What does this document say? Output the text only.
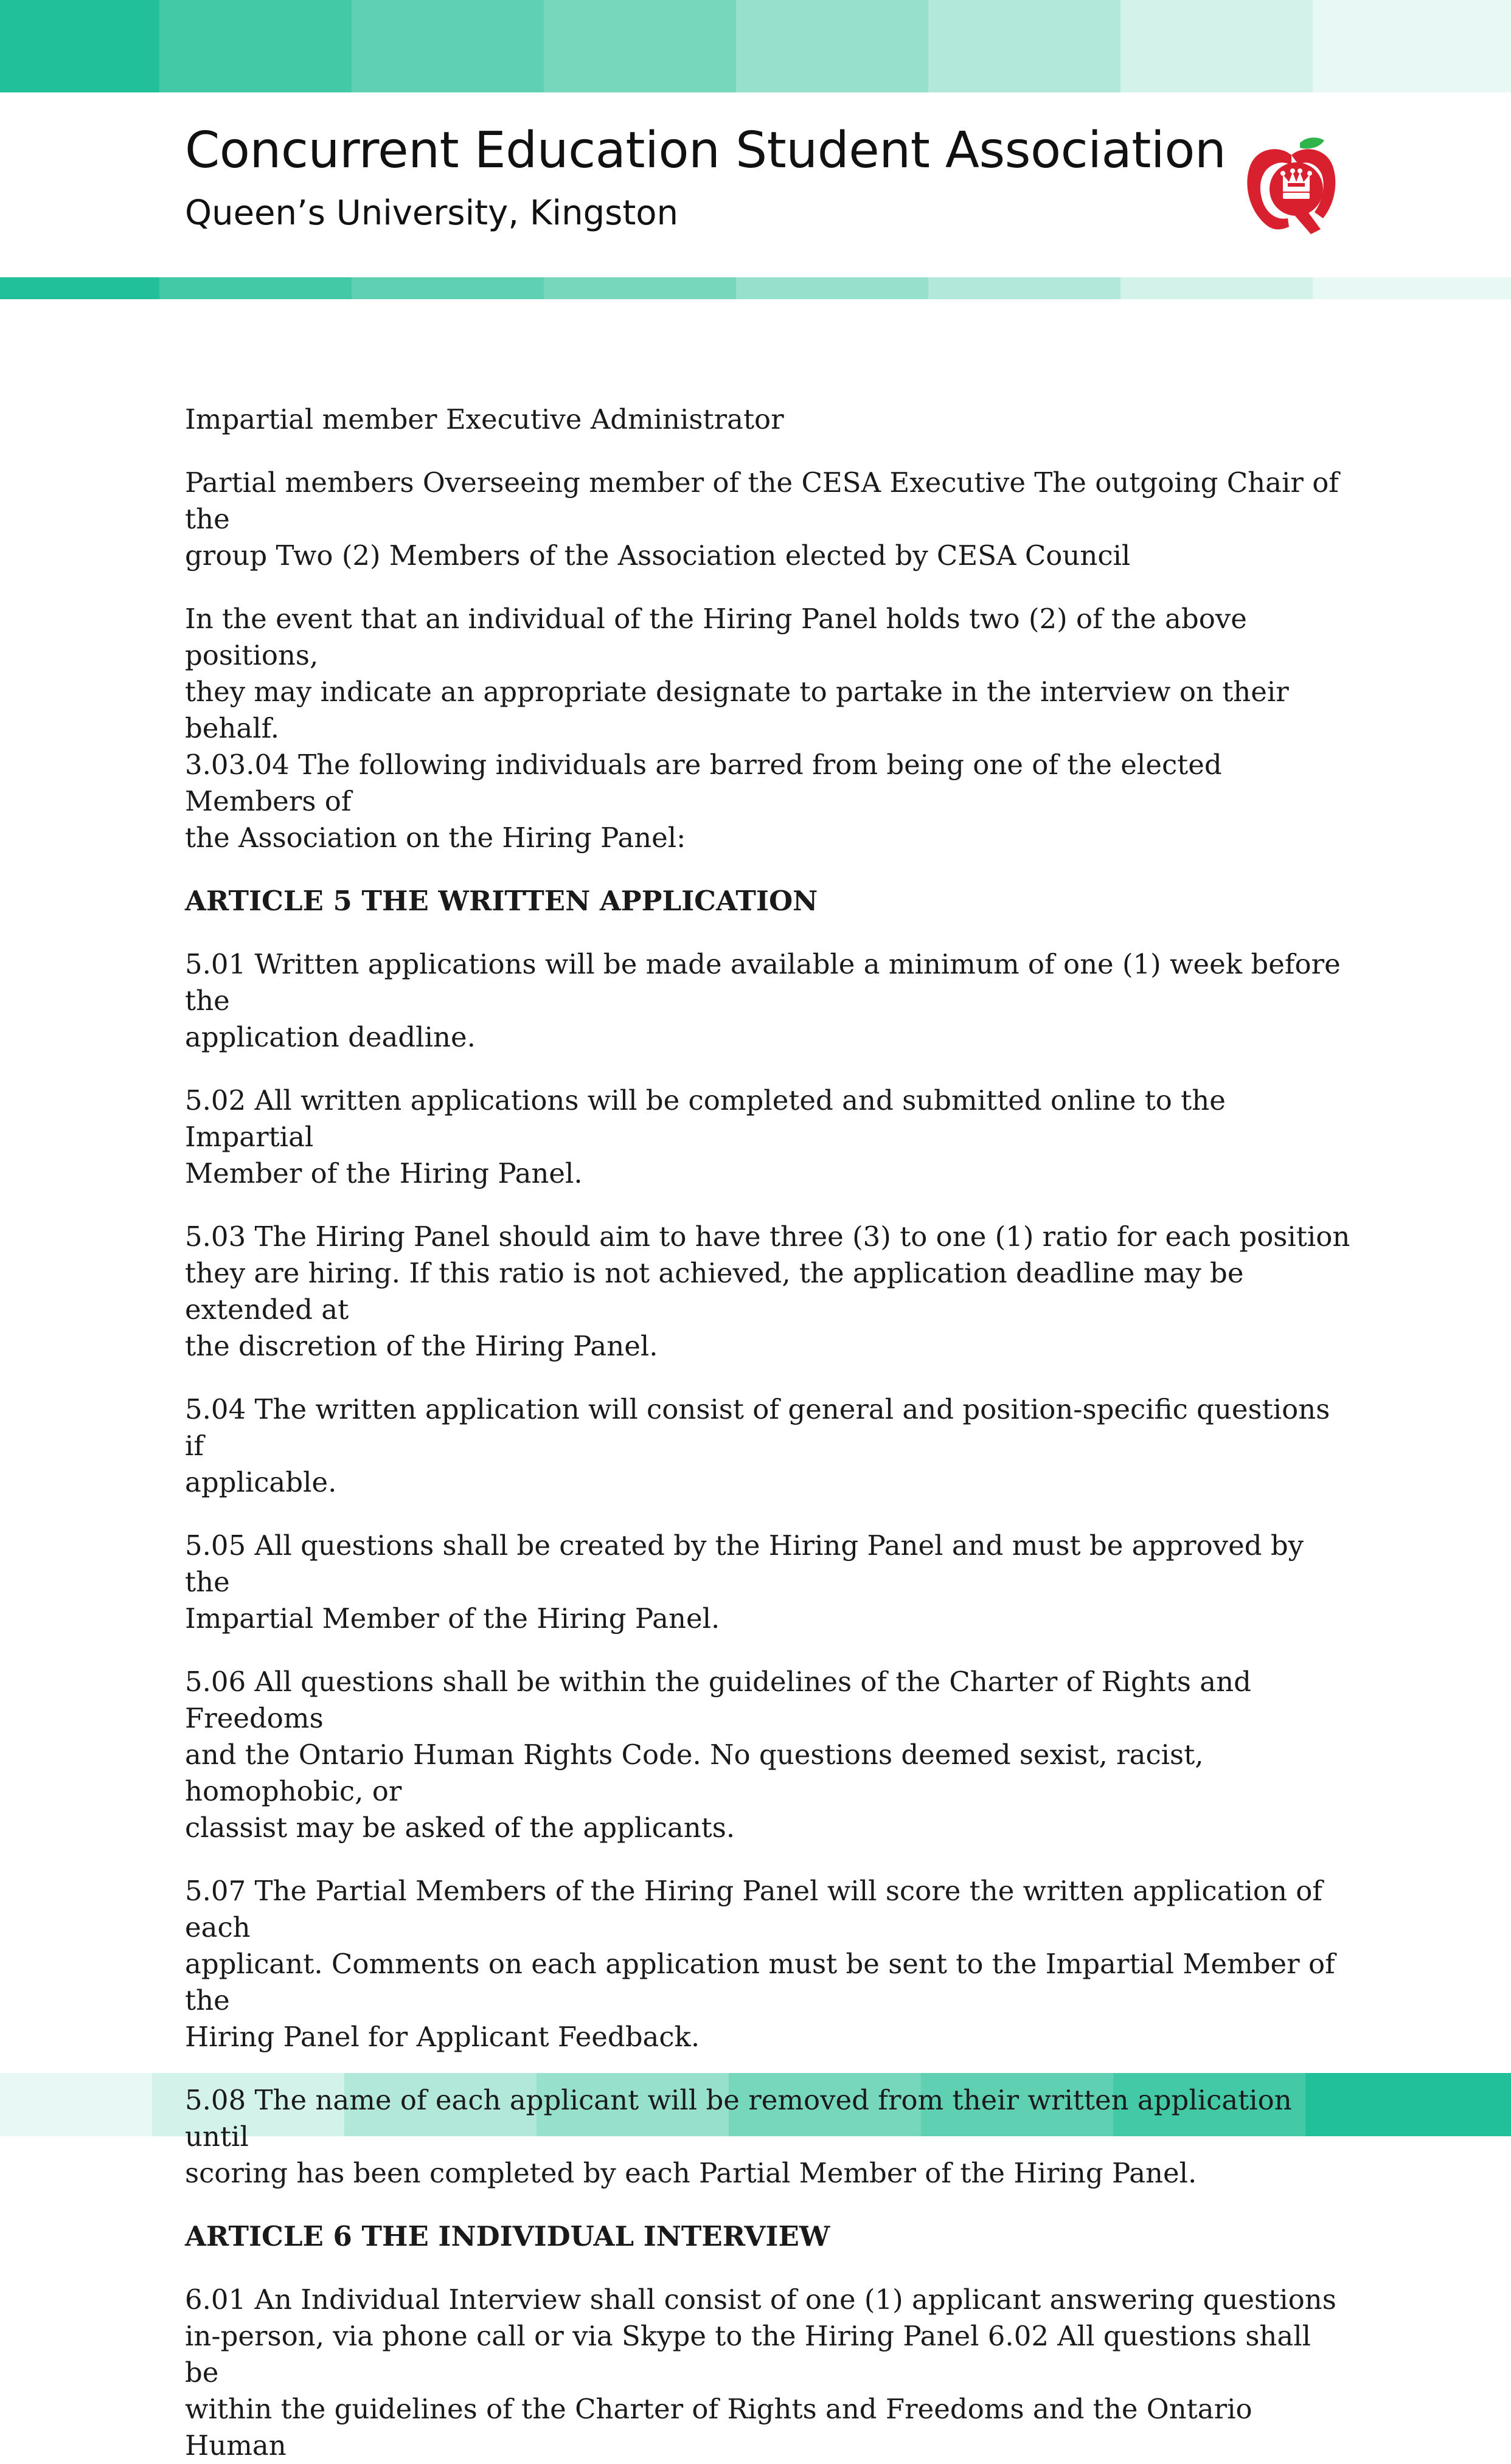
Concurrent Education Student Association
Queen’s University, Kingston

Impartial member Executive Administrator

Partial members Overseeing member of the CESA Executive The outgoing Chair of the
group Two (2) Members of the Association elected by CESA Council

In the event that an individual of the Hiring Panel holds two (2) of the above positions,
they may indicate an appropriate designate to partake in the interview on their behalf.
3.03.04 The following individuals are barred from being one of the elected Members of
the Association on the Hiring Panel:

ARTICLE 5 THE WRITTEN APPLICATION

5.01 Written applications will be made available a minimum of one (1) week before the
application deadline.

5.02 All written applications will be completed and submitted online to the Impartial
Member of the Hiring Panel.

5.03 The Hiring Panel should aim to have three (3) to one (1) ratio for each position
they are hiring. If this ratio is not achieved, the application deadline may be extended at
the discretion of the Hiring Panel.

5.04 The written application will consist of general and position-specific questions if
applicable.

5.05 All questions shall be created by the Hiring Panel and must be approved by the
Impartial Member of the Hiring Panel.

5.06 All questions shall be within the guidelines of the Charter of Rights and Freedoms
and the Ontario Human Rights Code. No questions deemed sexist, racist, homophobic, or
classist may be asked of the applicants.

5.07 The Partial Members of the Hiring Panel will score the written application of each
applicant. Comments on each application must be sent to the Impartial Member of the
Hiring Panel for Applicant Feedback.

5.08 The name of each applicant will be removed from their written application until
scoring has been completed by each Partial Member of the Hiring Panel.

ARTICLE 6 THE INDIVIDUAL INTERVIEW

6.01 An Individual Interview shall consist of one (1) applicant answering questions
in-person, via phone call or via Skype to the Hiring Panel 6.02 All questions shall be
within the guidelines of the Charter of Rights and Freedoms and the Ontario Human
